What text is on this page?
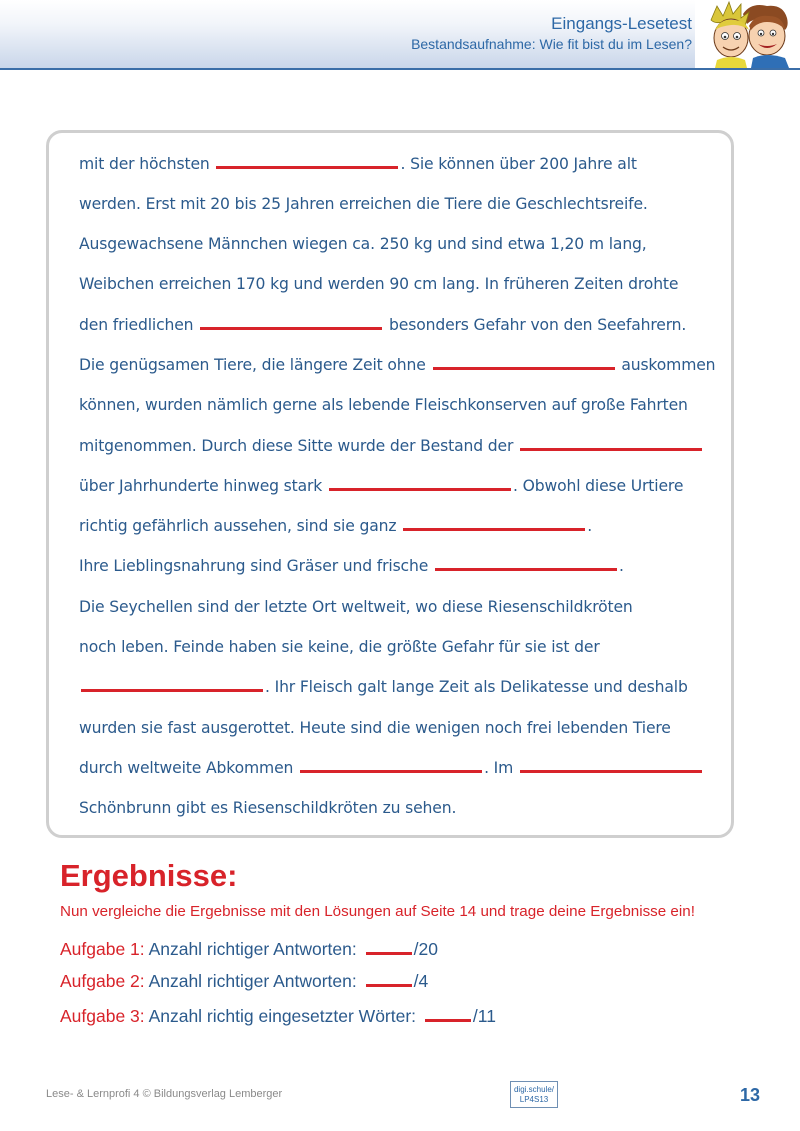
Eingangs-Lesetest
Bestandsaufnahme: Wie fit bist du im Lesen?
mit der höchsten	. Sie können über 200 Jahre alt
werden. Erst mit 20 bis 25 Jahren erreichen die Tiere die Geschlechtsreife.
Ausgewachsene Männchen wiegen ca. 250 kg und sind etwa 1,20 m lang,
Weibchen erreichen 170 kg und werden 90 cm lang. In früheren Zeiten drohte
den friedlichen	besonders Gefahr von den Seefahrern.
Die genügsamen Tiere, die längere Zeit ohne	auskommen
können, wurden nämlich gerne als lebende Fleischkonserven auf große Fahrten
mitgenommen. Durch diese Sitte wurde der Bestand der
über Jahrhunderte hinweg stark	. Obwohl diese Urtiere
richtig gefährlich aussehen, sind sie ganz	.
Ihre Lieblingsnahrung sind Gräser und frische	.
Die Seychellen sind der letzte Ort weltweit, wo diese Riesenschildkröten
noch leben. Feinde haben sie keine, die größte Gefahr für sie ist der
. Ihr Fleisch galt lange Zeit als Delikatesse und deshalb
wurden sie fast ausgerottet. Heute sind die wenigen noch frei lebenden Tiere
durch weltweite Abkommen	. Im
Schönbrunn gibt es Riesenschildkröten zu sehen.
Ergebnisse:
Nun vergleiche die Ergebnisse mit den Lösungen auf Seite 14 und trage deine Ergebnisse ein!
Aufgabe 1: Anzahl richtiger Antworten:	/20
Aufgabe 2: Anzahl richtiger Antworten:	/4
Aufgabe 3: Anzahl richtig eingesetzter Wörter:	/11
Lese- & Lernprofi 4 © Bildungsverlag Lemberger	digi.schule/
LP4S13	13
